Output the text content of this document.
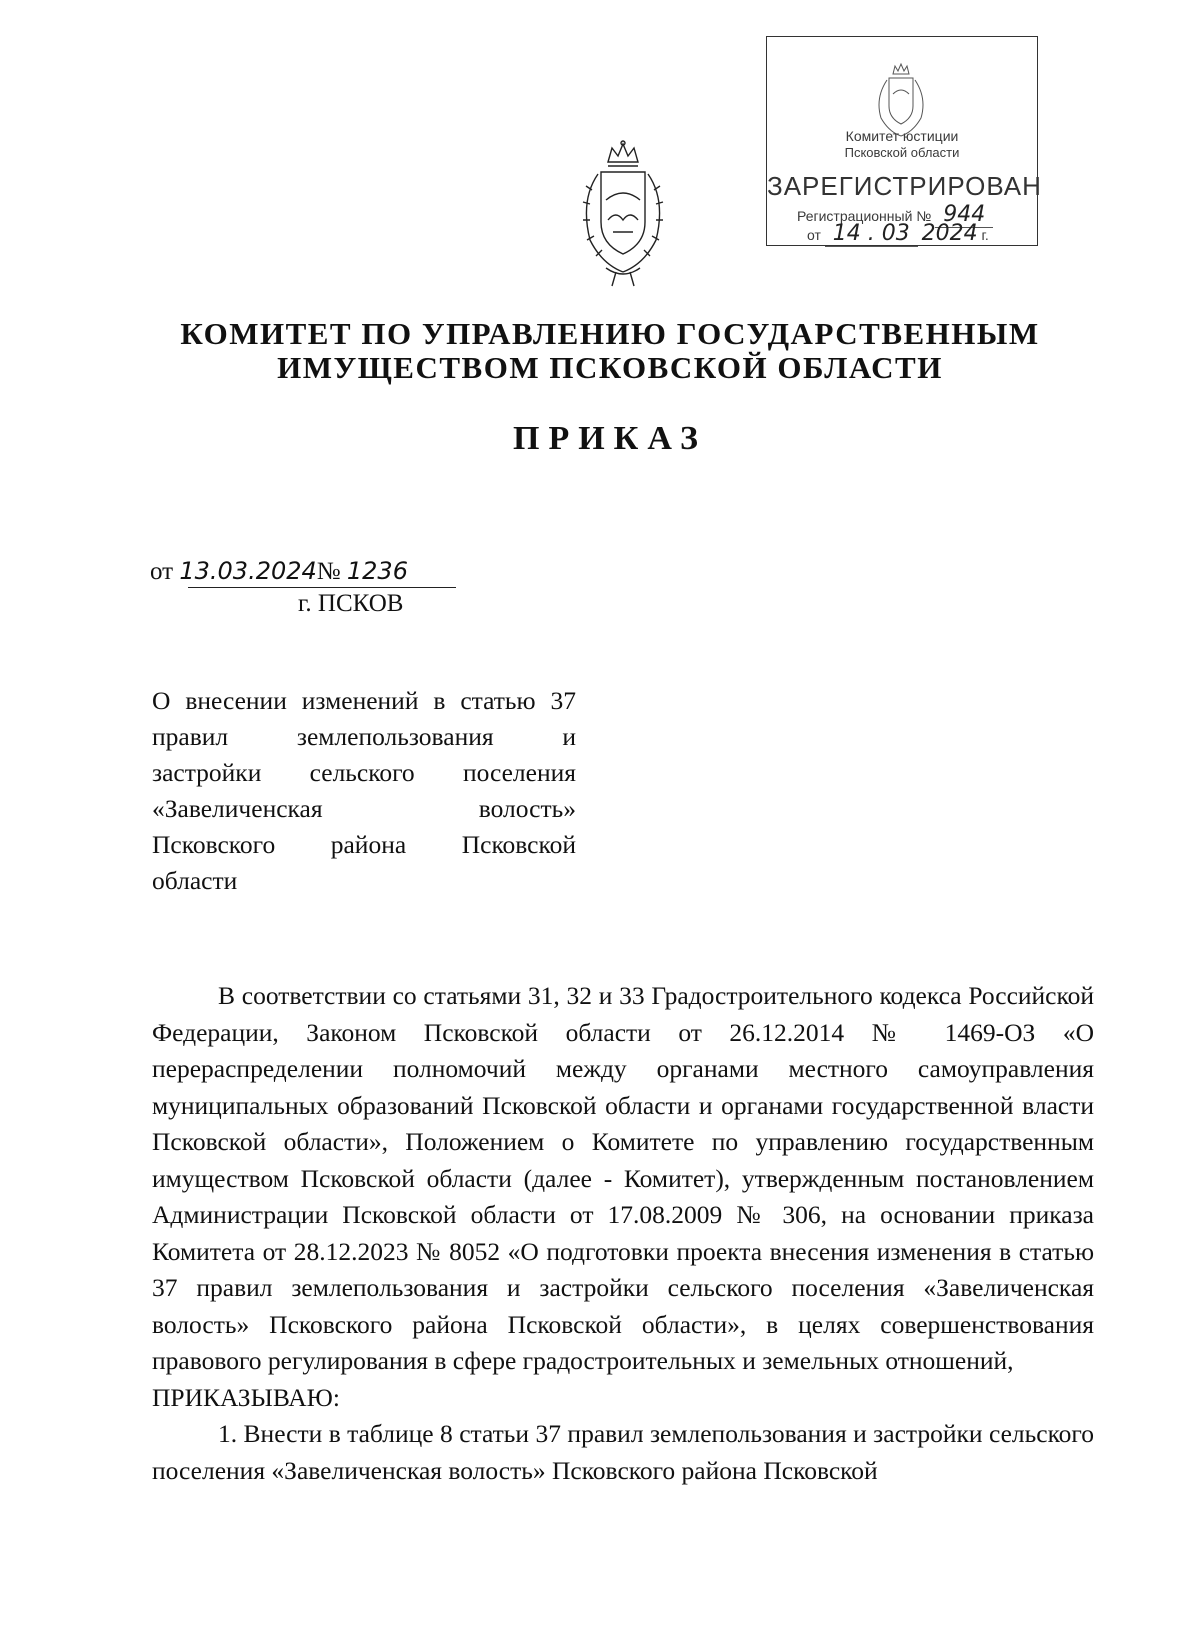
Комитет юстиции
Псковской области
ЗАРЕГИСТРИРОВАН
Регистрационный № 944
от 14 . 03 2024 г.
КОМИТЕТ ПО УПРАВЛЕНИЮ ГОСУДАРСТВЕННЫМ
ИМУЩЕСТВОМ ПСКОВСКОЙ ОБЛАСТИ
ПРИКАЗ
от 13.03.2024№ 1236
г. ПСКОВ
О внесении изменений в статью 37
правил землепользования и
застройки сельского поселения
«Завеличенская волость»
Псковского района Псковской
области

В соответствии со статьями 31, 32 и 33 Градостроительного кодекса Российской Федерации, Законом Псковской области от 26.12.2014 № 1469-ОЗ «О перераспределении полномочий между органами местного самоуправления муниципальных образований Псковской области и органами государственной власти Псковской области», Положением о Комитете по управлению государственным имуществом Псковской области (далее - Комитет), утвержденным постановлением Администрации Псковской области от 17.08.2009 № 306, на основании приказа Комитета от 28.12.2023 № 8052 «О подготовки проекта внесения изменения в статью 37 правил землепользования и застройки сельского поселения «Завеличенская волость» Псковского района Псковской области», в целях совершенствования правового регулирования в сфере градостроительных и земельных отношений,

ПРИКАЗЫВАЮ:

1. Внести в таблице 8 статьи 37 правил землепользования и застройки сельского поселения «Завеличенская волость» Псковского района Псковской
